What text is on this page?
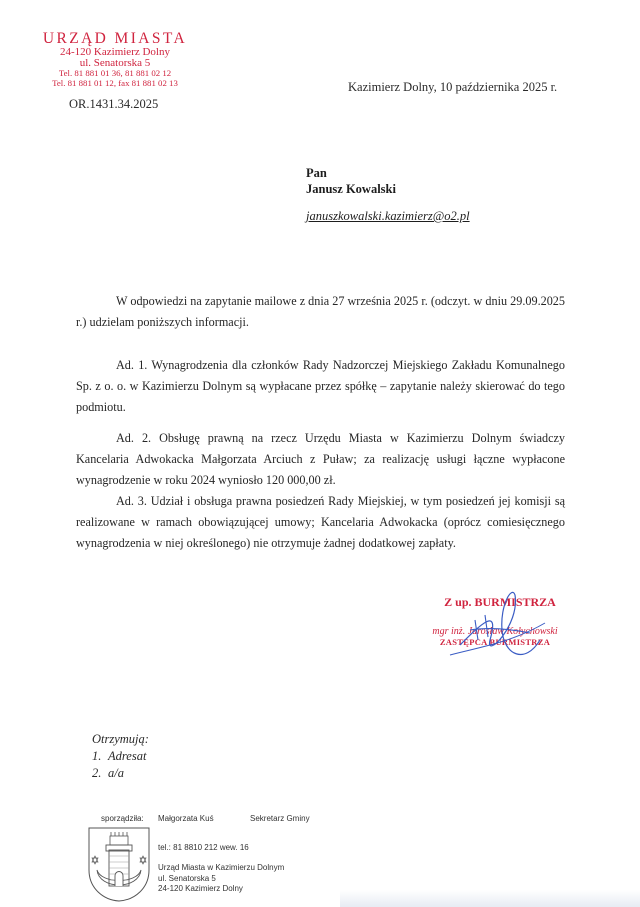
URZĄD MIASTA
24-120 Kazimierz Dolny
ul. Senatorska 5
Tel. 81 881 01 36, 81 881 02 12
Tel. 81 881 01 12, fax 81 881 02 13
OR.1431.34.2025
Kazimierz Dolny, 10 października 2025 r.
Pan
Janusz Kowalski
januszkowalski.kazimierz@o2.pl

W odpowiedzi na zapytanie mailowe z dnia 27 września 2025 r. (odczyt. w dniu 29.09.2025 r.) udzielam poniższych informacji.

Ad. 1. Wynagrodzenia dla członków Rady Nadzorczej Miejskiego Zakładu Komunalnego Sp. z o. o. w Kazimierzu Dolnym są wypłacane przez spółkę – zapytanie należy skierować do tego podmiotu.

Ad. 2. Obsługę prawną na rzecz Urzędu Miasta w Kazimierzu Dolnym świadczy Kancelaria Adwokacka Małgorzata Arciuch z Puław; za realizację usługi łączne wypłacone wynagrodzenie w roku 2024 wyniosło 120 000,00 zł.

Ad. 3. Udział i obsługa prawna posiedzeń Rady Miejskiej, w tym posiedzeń jej komisji są realizowane w ramach obowiązującej umowy; Kancelaria Adwokacka (oprócz comiesięcznego wynagrodzenia w niej określonego) nie otrzymuje żadnej dodatkowej zapłaty.

Z up. BURMISTRZA
mgr inż. Jarosław Kołychowski
ZASTĘPCA BURMISTRZA
Otrzymują:
1. Adresat
2. a/a
sporządziła: Małgorzata Kuś	Sekretarz Gminy
tel.: 81 8810 212 wew. 16
Urząd Miasta w Kazimierzu Dolnym
ul. Senatorska 5
24-120 Kazimierz Dolny
